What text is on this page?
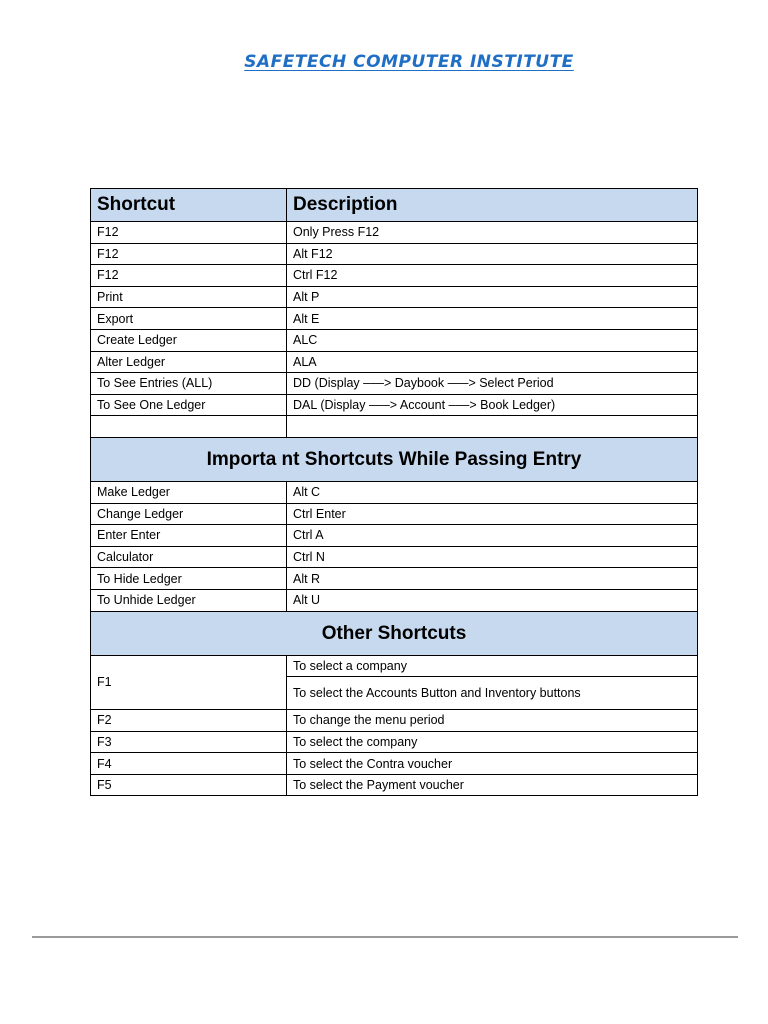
SAFETECH COMPUTER INSTITUTE
Shortcut	Description
F12	Only Press F12
F12	Alt F12
F12	Ctrl F12
Print	Alt P
Export	Alt E
Create Ledger	ALC
Alter Ledger	ALA
To See Entries (ALL)	DD (Display –––> Daybook –––> Select Period
To See One Ledger	DAL (Display –––> Account –––> Book Ledger)

Importa nt Shortcuts While Passing Entry	
Make Ledger	Alt C
Change Ledger	Ctrl Enter
Enter Enter	Ctrl A
Calculator	Ctrl N
To Hide Ledger	Alt R
To Unhide Ledger	Alt U
Other Shortcuts	
F1	To select a company
	To select the Accounts Button and Inventory buttons
F2	To change the menu period
F3	To select the company
F4	To select the Contra voucher
F5	To select the Payment voucher
